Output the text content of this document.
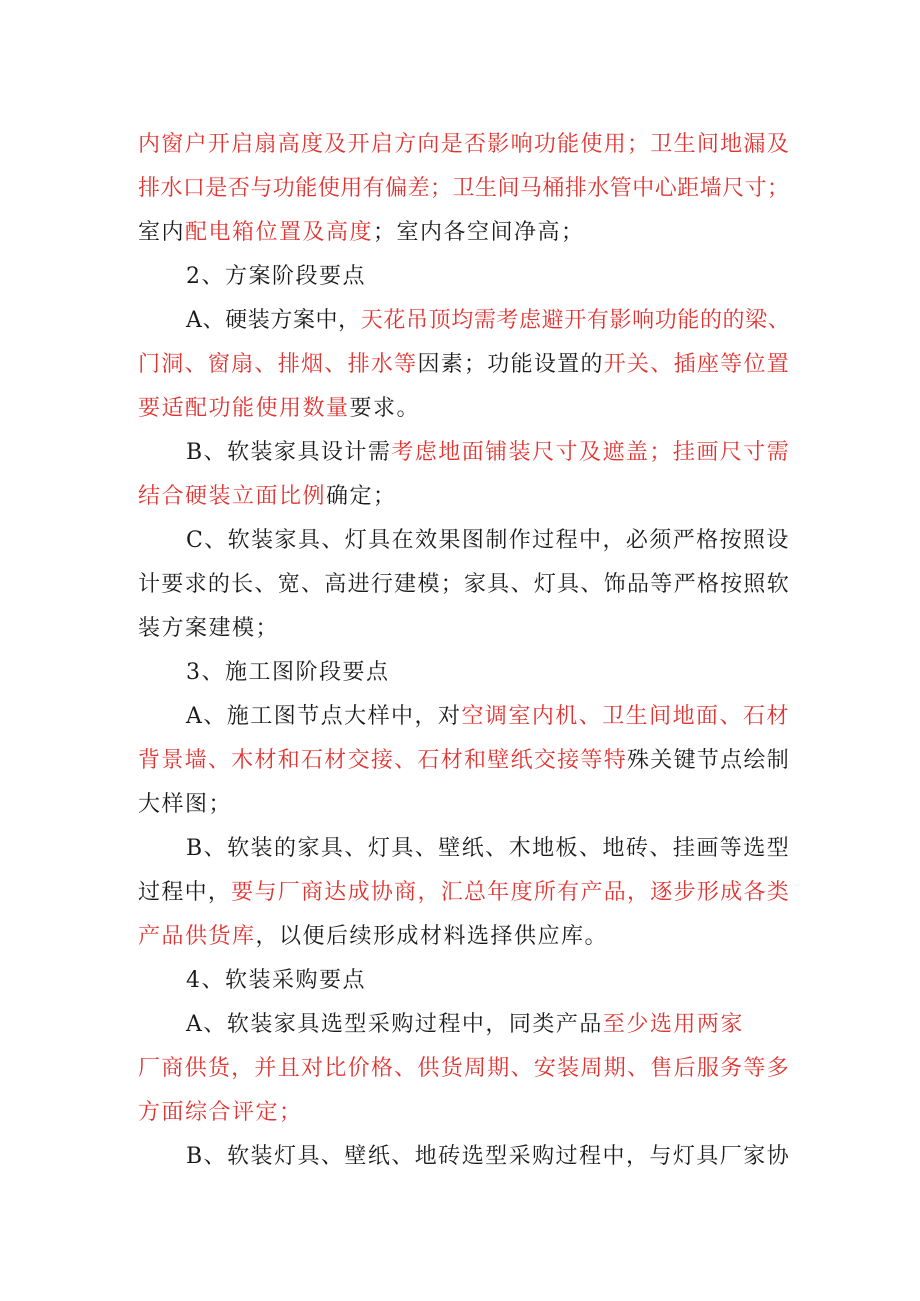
内窗户开启扇高度及开启方向是否影响功能使用；卫生间地漏及
排水口是否与功能使用有偏差；卫生间马桶排水管中心距墙尺寸；
室内配电箱位置及高度；室内各空间净高；
2、方案阶段要点
A、硬装方案中，天花吊顶均需考虑避开有影响功能的的梁、
门洞、窗扇、排烟、排水等因素；功能设置的开关、插座等位置
要适配功能使用数量要求。
B、软装家具设计需考虑地面铺装尺寸及遮盖；挂画尺寸需
结合硬装立面比例确定；
C、软装家具、灯具在效果图制作过程中，必须严格按照设
计要求的长、宽、高进行建模；家具、灯具、饰品等严格按照软
装方案建模；
3、施工图阶段要点
A、施工图节点大样中，对空调室内机、卫生间地面、石材
背景墙、木材和石材交接、石材和壁纸交接等特殊关键节点绘制
大样图；
B、软装的家具、灯具、壁纸、木地板、地砖、挂画等选型
过程中，要与厂商达成协商，汇总年度所有产品，逐步形成各类
产品供货库，以便后续形成材料选择供应库。
4、软装采购要点
A、软装家具选型采购过程中，同类产品至少选用两家
厂商供货，并且对比价格、供货周期、安装周期、售后服务等多
方面综合评定；
B、软装灯具、壁纸、地砖选型采购过程中，与灯具厂家协
